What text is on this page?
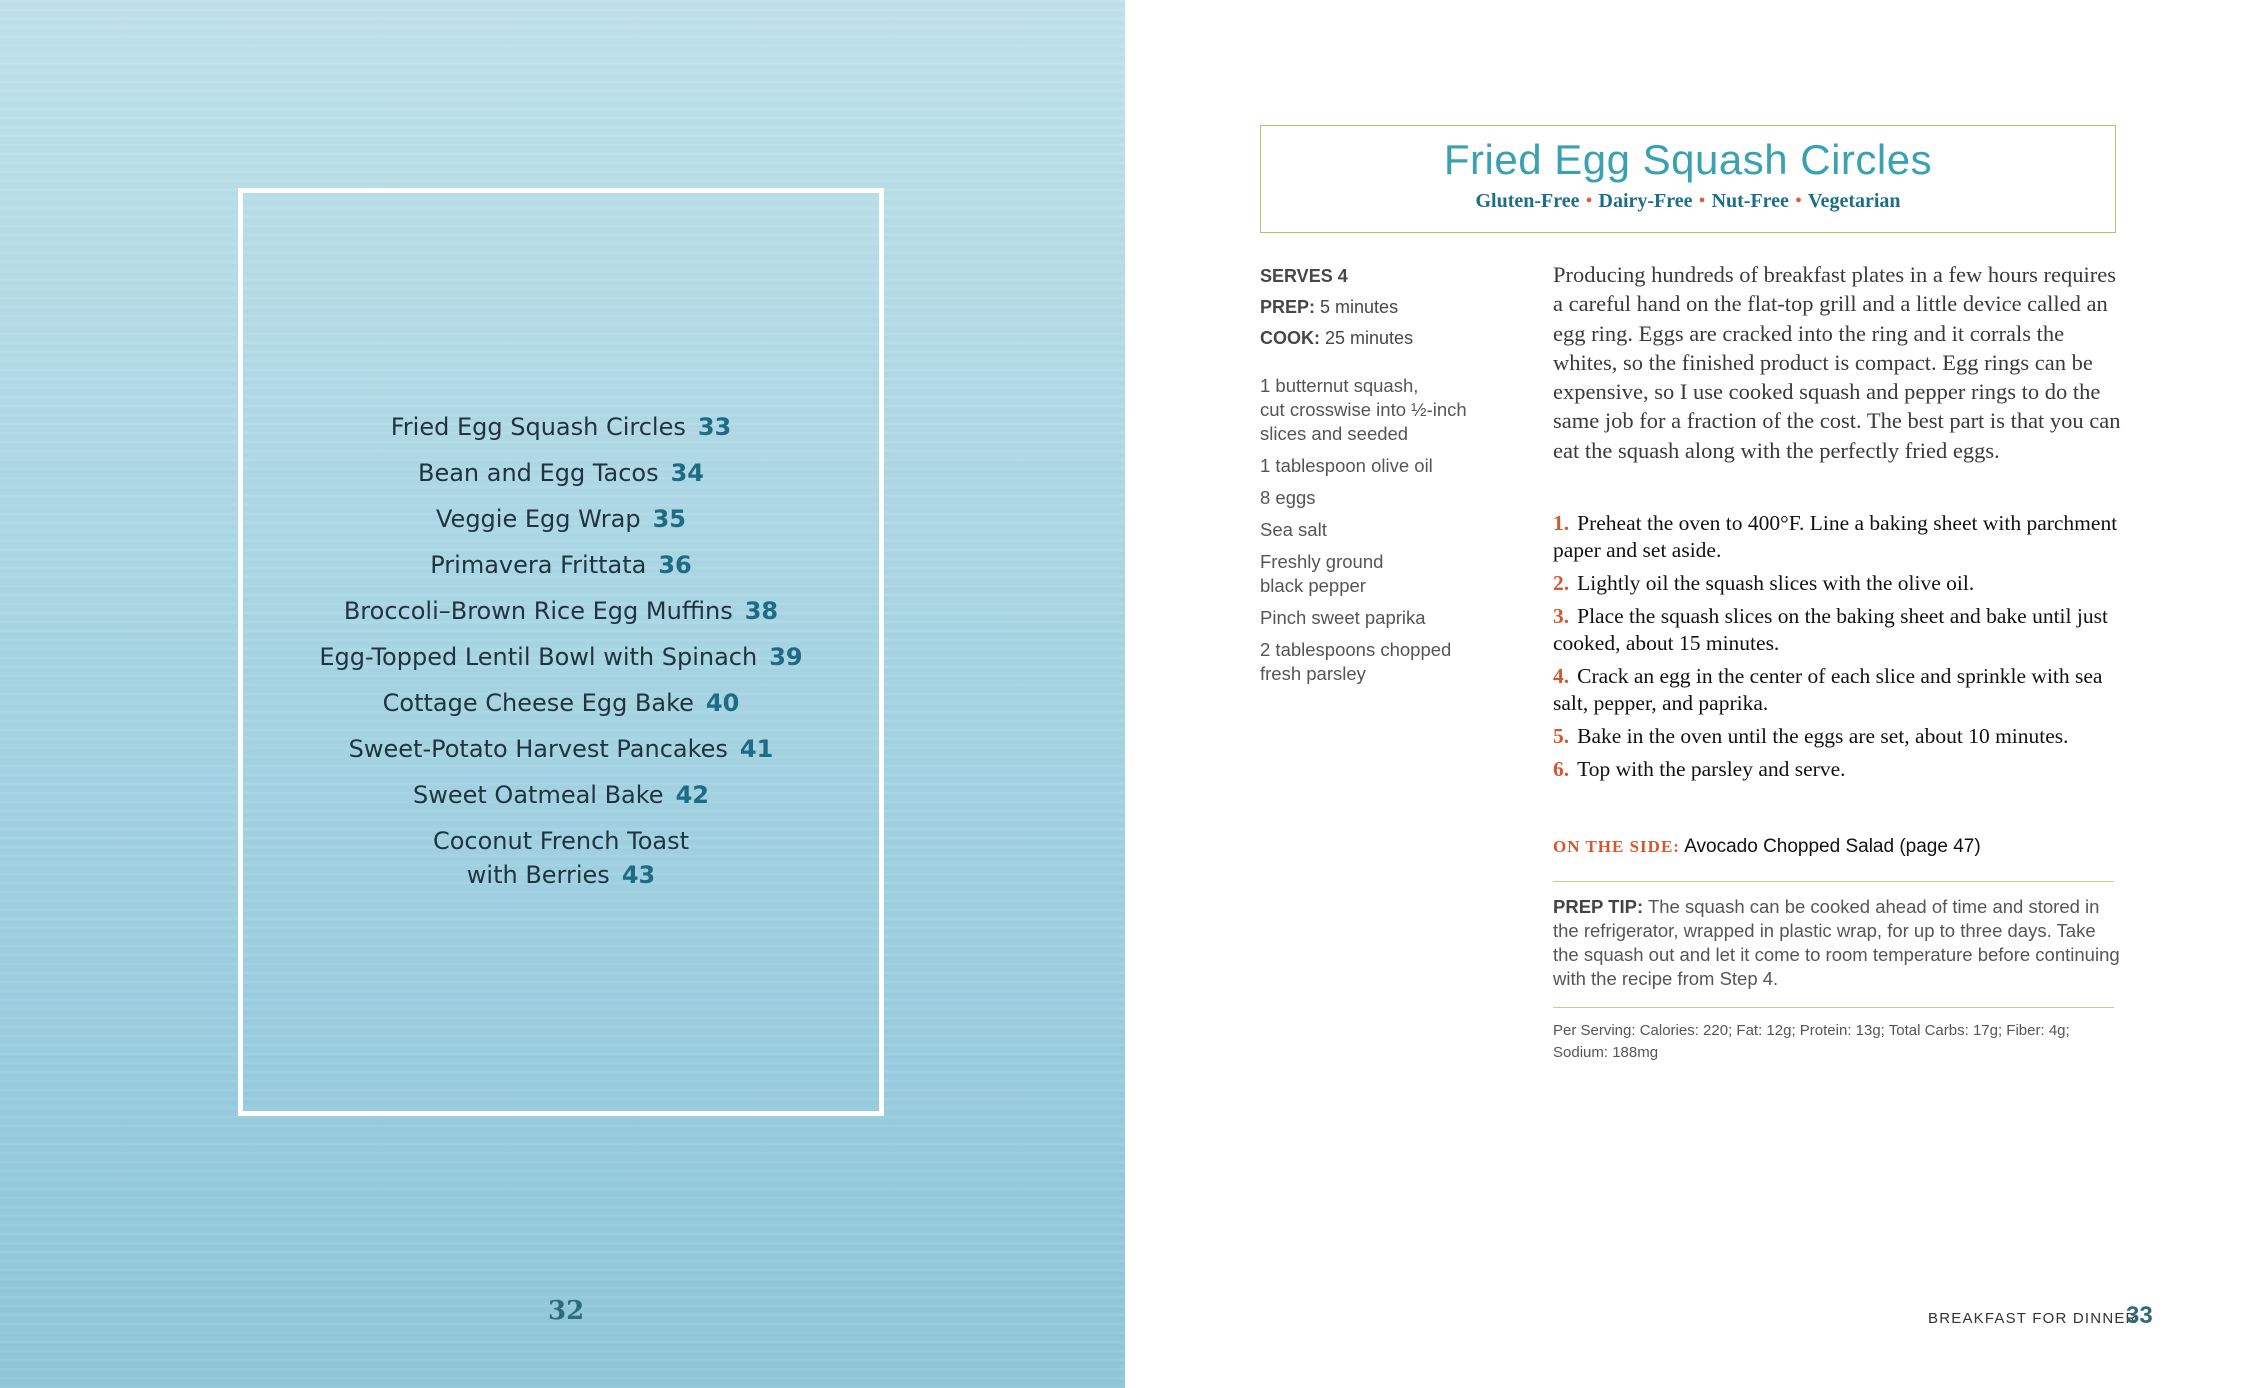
Fried Egg Squash Circles 33
Bean and Egg Tacos 34
Veggie Egg Wrap 35
Primavera Frittata 36
Broccoli–Brown Rice Egg Muffins 38
Egg-Topped Lentil Bowl with Spinach 39
Cottage Cheese Egg Bake 40
Sweet-Potato Harvest Pancakes 41
Sweet Oatmeal Bake 42
Coconut French Toast
with Berries 43
32
Fried Egg Squash Circles
Gluten-Free • Dairy-Free • Nut-Free • Vegetarian
SERVES 4
PREP: 5 minutes
COOK: 25 minutes
1 butternut squash,
cut crosswise into ½-inch
slices and seeded
1 tablespoon olive oil
8 eggs
Sea salt
Freshly ground
black pepper
Pinch sweet paprika
2 tablespoons chopped
fresh parsley
Producing hundreds of breakfast plates in a few hours requires a careful hand on the flat-top grill and a little device called an egg ring. Eggs are cracked into the ring and it corrals the whites, so the finished product is compact. Egg rings can be expensive, so I use cooked squash and pepper rings to do the same job for a fraction of the cost. The best part is that you can eat the squash along with the perfectly fried eggs.
1. Preheat the oven to 400°F. Line a baking sheet with parchment paper and set aside.
2. Lightly oil the squash slices with the olive oil.
3. Place the squash slices on the baking sheet and bake until just cooked, about 15 minutes.
4. Crack an egg in the center of each slice and sprinkle with sea salt, pepper, and paprika.
5. Bake in the oven until the eggs are set, about 10 minutes.
6. Top with the parsley and serve.
ON THE SIDE: Avocado Chopped Salad (page 47)
PREP TIP: The squash can be cooked ahead of time and stored in the refrigerator, wrapped in plastic wrap, for up to three days. Take the squash out and let it come to room temperature before continuing with the recipe from Step 4.
Per Serving: Calories: 220; Fat: 12g; Protein: 13g; Total Carbs: 17g; Fiber: 4g; Sodium: 188mg
BREAKFAST FOR DINNER
33
